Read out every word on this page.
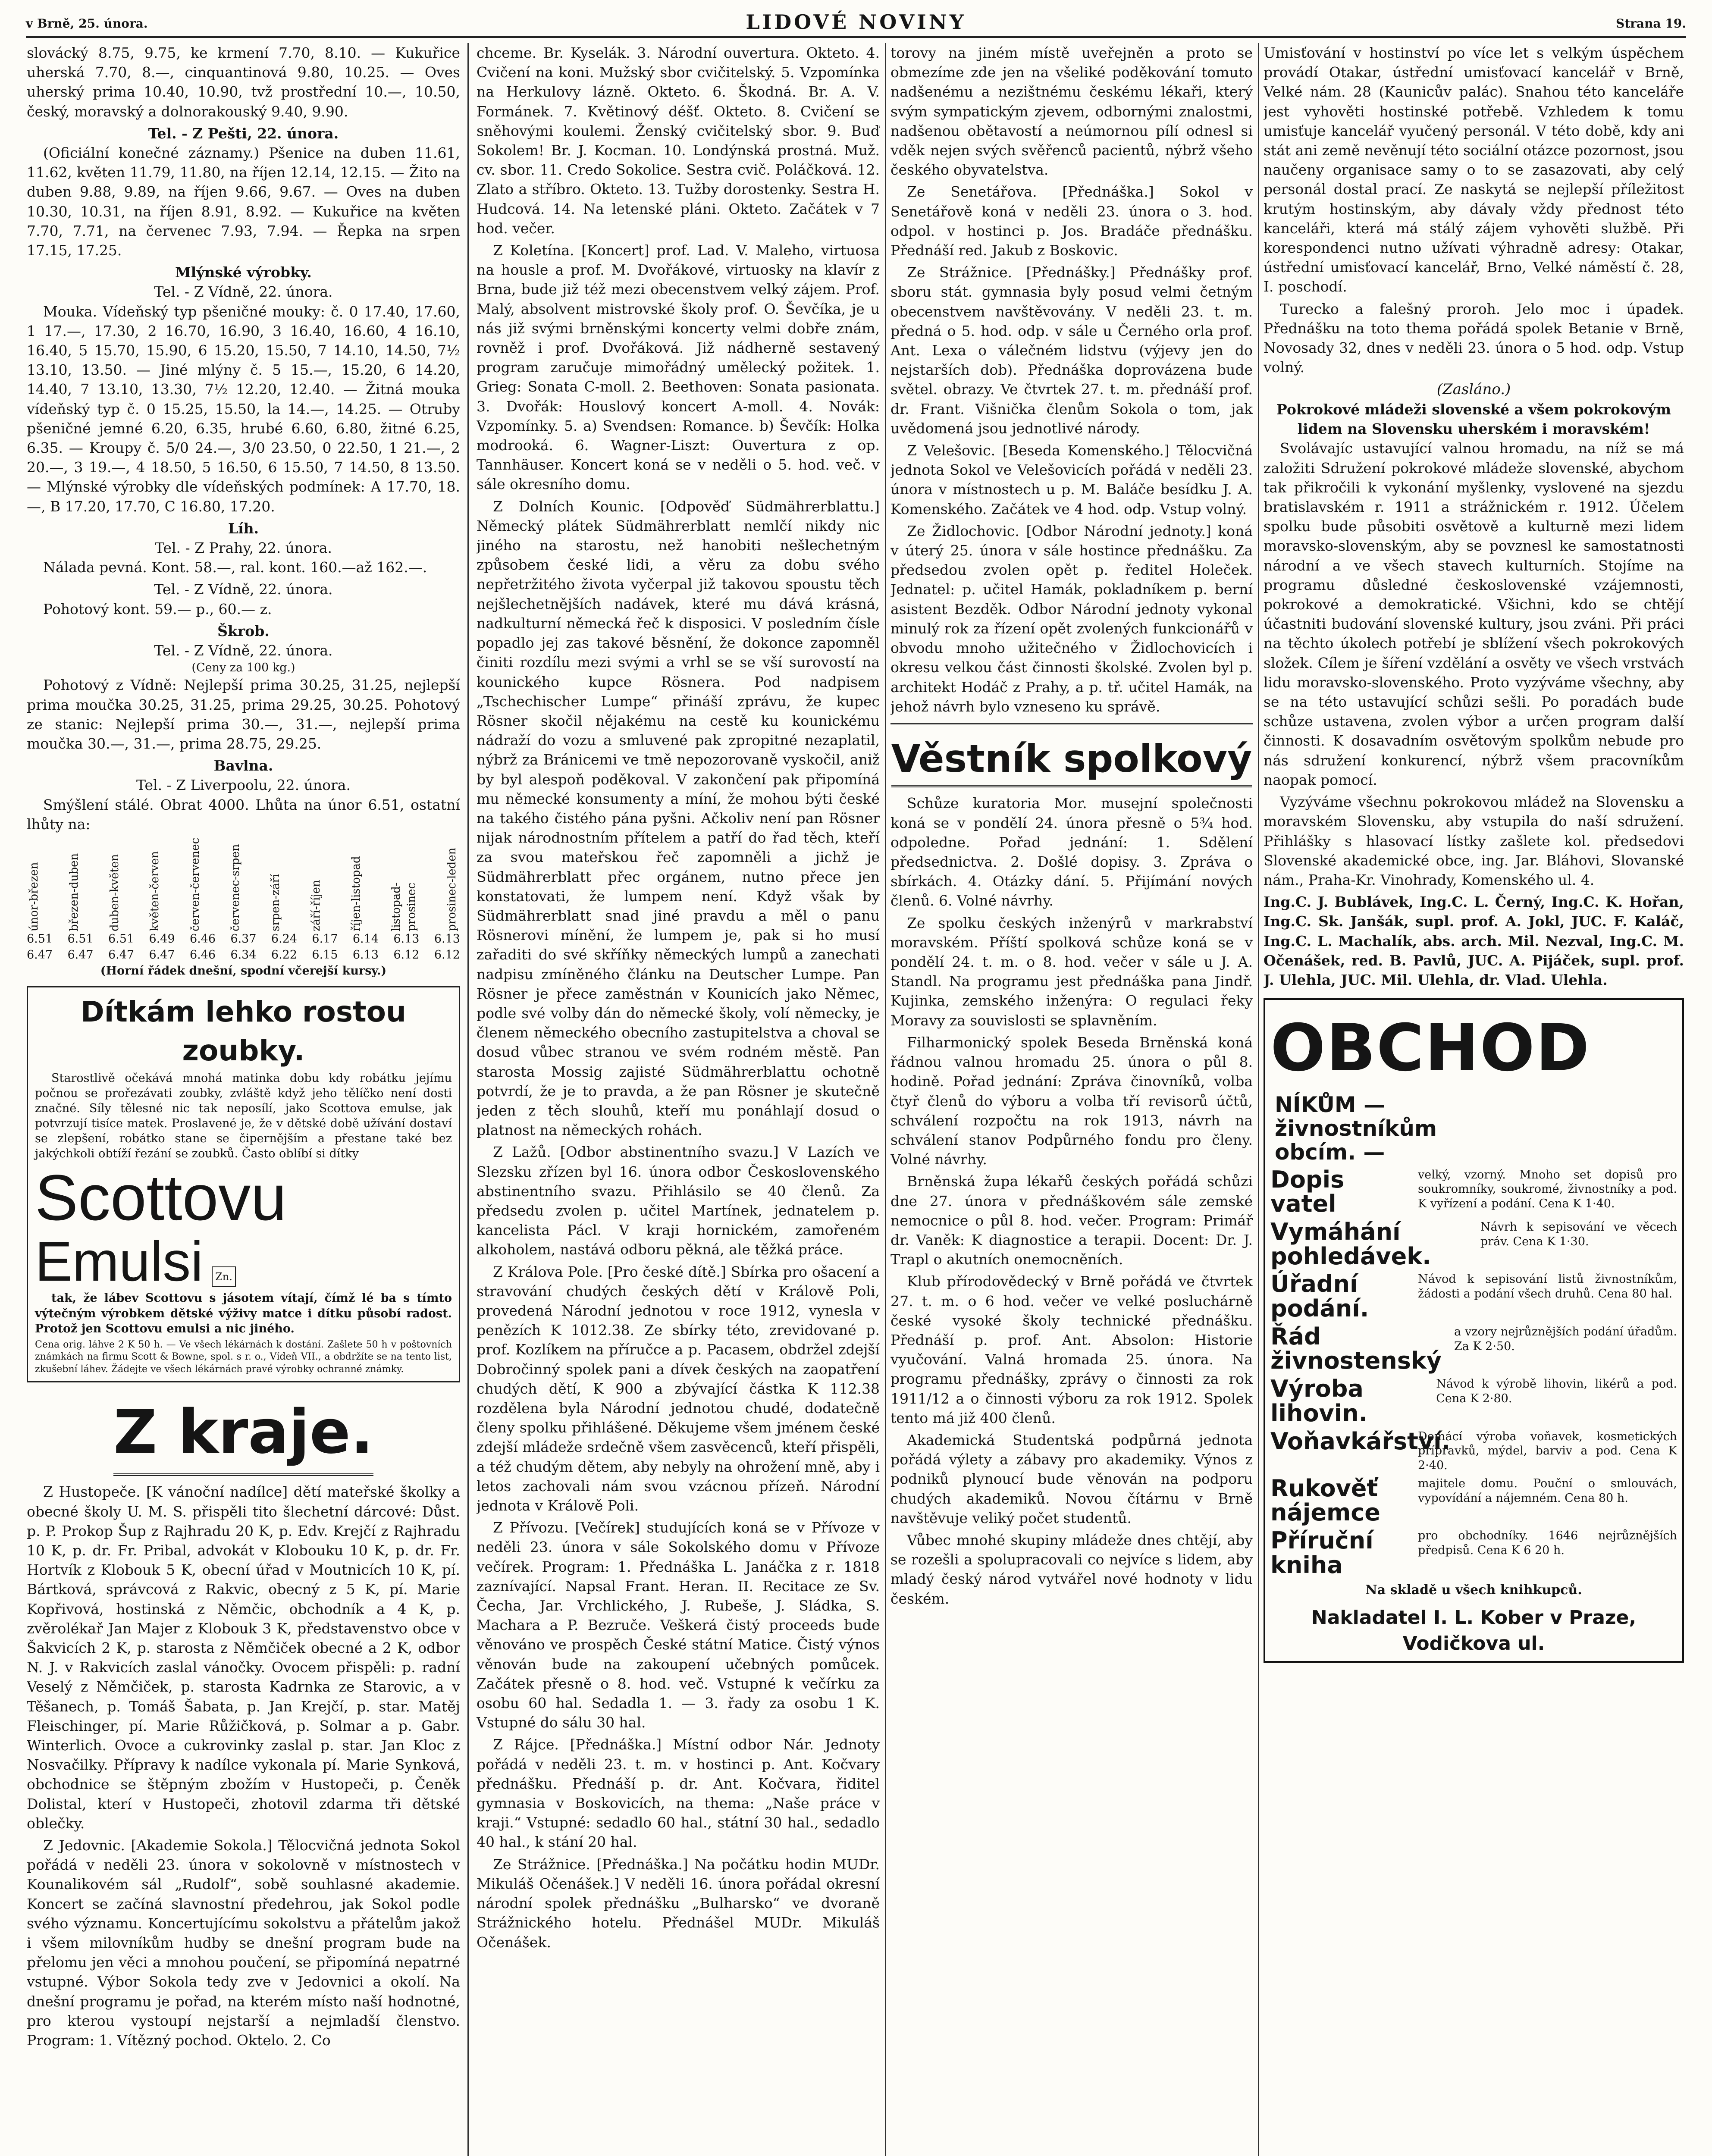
v Brně, 25. února.	LIDOVÉ NOVINY	Strana 19.

slovácký 8.75, 9.75, ke krmení 7.70, 8.10. — Kukuřice uherská 7.70, 8.—, cinquantinová 9.80, 10.25. — Oves uherský prima 10.40, 10.90, tvž prostřední 10.—, 10.50, český, moravský a dolnorakouský 9.40, 9.90.

Tel. - Z Pešti, 22. února.

(Oficiální konečné záznamy.) Pšenice na duben 11.61, 11.62, květen 11.79, 11.80, na říjen 12.14, 12.15. — Žito na duben 9.88, 9.89, na říjen 9.66, 9.67. — Oves na duben 10.30, 10.31, na říjen 8.91, 8.92. — Kukuřice na květen 7.70, 7.71, na červenec 7.93, 7.94. — Řepka na srpen 17.15, 17.25.

Mlýnské výrobky.
Tel. - Z Vídně, 22. února.

Mouka. Vídeňský typ pšeničné mouky: č. 0 17.40, 17.60, 1 17.—, 17.30, 2 16.70, 16.90, 3 16.40, 16.60, 4 16.10, 16.40, 5 15.70, 15.90, 6 15.20, 15.50, 7 14.10, 14.50, 7½ 13.10, 13.50. — Jiné mlýny č. 5 15.—, 15.20, 6 14.20, 14.40, 7 13.10, 13.30, 7½ 12.20, 12.40. — Žitná mouka vídeňský typ č. 0 15.25, 15.50, la 14.—, 14.25. — Otruby pšeničné jemné 6.20, 6.35, hrubé 6.60, 6.80, žitné 6.25, 6.35. — Kroupy č. 5/0 24.—, 3/0 23.50, 0 22.50, 1 21.—, 2 20.—, 3 19.—, 4 18.50, 5 16.50, 6 15.50, 7 14.50, 8 13.50. — Mlýnské výrobky dle vídeňských podmínek: A 17.70, 18.—, B 17.20, 17.70, C 16.80, 17.20.

Líh.
Tel. - Z Prahy, 22. února.

Nálada pevná. Kont. 58.—, ral. kont. 160.—až 162.—.

Tel. - Z Vídně, 22. února.

Pohotový kont. 59.— p., 60.— z.

Škrob.
Tel. - Z Vídně, 22. února.
(Ceny za 100 kg.)

Pohotový z Vídně: Nejlepší prima 30.25, 31.25, nejlepší prima moučka 30.25, 31.25, prima 29.25, 30.25. Pohotový ze stanic: Nejlepší prima 30.—, 31.—, nejlepší prima moučka 30.—, 31.—, prima 28.75, 29.25.

Bavlna.
Tel. - Z Liverpoolu, 22. února.

Smýšlení stálé. Obrat 4000. Lhůta na únor 6.51, ostatní lhůty na:

únor-březen březen-duben duben-květen květen-červen červen-červenec červenec-srpen srpen-září září-říjen říjen-listopad listopad-prosinec prosinec-leden
6.51 6.51 6.51 6.49 6.46 6.37 6.24 6.17 6.14 6.13 6.13
6.47 6.47 6.47 6.47 6.46 6.34 6.22 6.15 6.13 6.12 6.12
(Horní řádek dnešní, spodní včerejší kursy.)
Dítkám lehko rostou zoubky.

Starostlivě očekává mnohá matinka dobu kdy robátku jejímu počnou se prořezávati zoubky, zvláště když jeho tělíčko není dosti značné. Síly tělesné nic tak neposílí, jako Scottova emulse, jak potvrzují tisíce matek. Proslavené je, že v dětské době užívání dostaví se zlepšení, robátko stane se čipernějším a přestane také bez jakýchkoli obtíží řezání se zoubků. Často oblíbí si dítky

Scottovu
Emulsi Zn.

tak, že lábev Scottovu s jásotem vítají, čímž lé ba s tímto výtečným výrobkem dětské výživy matce i dítku působí radost. Protož jen Scottovu emulsi a nic jiného.

Cena orig. láhve 2 K 50 h. — Ve všech lékárnách k dostání. Zašlete 50 h v poštovních známkách na firmu Scott & Bowne, spol. s r. o., Vídeň VII., a obdržíte se na tento list, zkušební láhev. Žádejte ve všech lékárnách pravé výrobky ochranné známky.
Z kraje.

Z Hustopeče. [K vánoční nadílce] dětí mateřské školky a obecné školy U. M. S. přispěli tito šlechetní dárcové: Důst. p. P. Prokop Šup z Rajhradu 20 K, p. Edv. Krejčí z Rajhradu 10 K, p. dr. Fr. Pribal, advokát v Klobouku 10 K, p. dr. Fr. Hortvík z Klobouk 5 K, obecní úřad v Moutnicích 10 K, pí. Bártková, správcová z Rakvic, obecný z 5 K, pí. Marie Kopřivová, hostinská z Němčic, obchodník a 4 K, p. zvěrolékař Jan Majer z Klobouk 3 K, představenstvo obce v Šakvicích 2 K, p. starosta z Němčiček obecné a 2 K, odbor N. J. v Rakvicích zaslal vánočky. Ovocem přispěli: p. radní Veselý z Němčiček, p. starosta Kadrnka ze Starovic, a v Těšanech, p. Tomáš Šabata, p. Jan Krejčí, p. star. Matěj Fleischinger, pí. Marie Růžičková, p. Solmar a p. Gabr. Winterlich. Ovoce a cukrovinky zaslal p. star. Jan Kloc z Nosvačilky. Přípravy k nadílce vykonala pí. Marie Synková, obchodnice se štěpným zbožím v Hustopeči, p. Čeněk Dolistal, kterí v Hustopeči, zhotovil zdarma tři dětské oblečky.

Z Jedovnic. [Akademie Sokola.] Tělocvičná jednota Sokol pořádá v neděli 23. února v sokolovně v místnostech v Kounalikovém sál „Rudolf“, sobě souhlasné akademie. Koncert se začíná slavnostní předehrou, jak Sokol podle svého významu. Koncertujícímu sokolstvu a přátelům jakož i všem milovníkům hudby se dnešní program bude na přelomu jen věci a mnohou poučení, se připomíná nepatrné vstupné. Výbor Sokola tedy zve v Jedovnici a okolí. Na dnešní programu je pořad, na kterém místo naší hodnotné, pro kterou vystoupí nejstarší a nejmladší členstvo. Program: 1. Vítězný pochod. Oktelo. 2. Co

chceme. Br. Kyselák. 3. Národní ouvertura. Okteto. 4. Cvičení na koni. Mužský sbor cvičitelský. 5. Vzpomínka na Herkulovy lázně. Okteto. 6. Škodná. Br. A. V. Formánek. 7. Květinový déšť. Okteto. 8. Cvičení se sněhovými koulemi. Ženský cvičitelský sbor. 9. Buď Sokolem! Br. J. Kocman. 10. Londýnská prostná. Muž. cv. sbor. 11. Credo Sokolice. Sestra cvič. Poláčková. 12. Zlato a stříbro. Okteto. 13. Tužby dorostenky. Sestra H. Hudcová. 14. Na letenské pláni. Okteto. Začátek v 7 hod. večer.

Z Koletína. [Koncert] prof. Lad. V. Maleho, virtuosa na housle a prof. M. Dvořákové, virtuosky na klavír z Brna, bude již též mezi obecenstvem velký zájem. Prof. Malý, absolvent mistrovské školy prof. O. Ševčíka, je u nás již svými brněnskými koncerty velmi dobře znám, rovněž i prof. Dvořáková. Již nádherně sestavený program zaručuje mimořádný umělecký požitek. 1. Grieg: Sonata C-moll. 2. Beethoven: Sonata pasionata. 3. Dvořák: Houslový koncert A-moll. 4. Novák: Vzpomínky. 5. a) Svendsen: Romance. b) Ševčík: Holka modrooká. 6. Wagner-Liszt: Ouvertura z op. Tannhäuser. Koncert koná se v neděli o 5. hod. več. v sále okresního domu.

Z Dolních Kounic. [Odpověď Südmährerblattu.] Německý plátek Südmährerblatt nemlčí nikdy nic jiného na starostu, než hanobiti nešlechetným způsobem české lidi, a věru za dobu svého nepřetržitého života vyčerpal již takovou spoustu těch nejšlechetnějších nadávek, které mu dává krásná, nadkulturní německá řeč k disposici. V posledním čísle popadlo jej zas takové běsnění, že dokonce zapomněl činiti rozdílu mezi svými a vrhl se se vší surovostí na kounického kupce Rösnera. Pod nadpisem „Tschechischer Lumpe“ přináší zprávu, že kupec Rösner skočil nějakému na cestě ku kounickému nádraží do vozu a smluvené pak zpropitné nezaplatil, nýbrž za Bránicemi ve tmě nepozorovaně vyskočil, aniž by byl alespoň poděkoval. V zakončení pak připomíná mu německé konsumenty a míní, že mohou býti české na takého čistého pána pyšni. Ačkoliv není pan Rösner nijak národnostním přítelem a patří do řad těch, kteří za svou mateřskou řeč zapomněli a jichž je Südmährerblatt přec orgánem, nutno přece jen konstatovati, že lumpem není. Když však by Südmährerblatt snad jiné pravdu a měl o panu Rösnerovi mínění, že lumpem je, pak si ho musí zařaditi do své skříňky německých lumpů a zanechati nadpisu zmíněného článku na Deutscher Lumpe. Pan Rösner je přece zaměstnán v Kounicích jako Němec, podle své volby dán do německé školy, volí německy, je členem německého obecního zastupitelstva a choval se dosud vůbec stranou ve svém rodném městě. Pan starosta Mossig zajisté Südmährerblattu ochotně potvrdí, že je to pravda, a že pan Rösner je skutečně jeden z těch slouhů, kteří mu ponáhlají dosud o platnost na německých rohách.

Z Lažů. [Odbor abstinentního svazu.] V Lazích ve Slezsku zřízen byl 16. února odbor Československého abstinentního svazu. Přihlásilo se 40 členů. Za předsedu zvolen p. učitel Martínek, jednatelem p. kancelista Pácl. V kraji hornickém, zamořeném alkoholem, nastává odboru pěkná, ale těžká práce.

Z Králova Pole. [Pro české dítě.] Sbírka pro ošacení a stravování chudých českých dětí v Králově Poli, provedená Národní jednotou v roce 1912, vynesla v penězích K 1012.38. Ze sbírky této, zrevidované p. prof. Kozlíkem na příručce a p. Pacasem, obdržel zdejší Dobročinný spolek pani a dívek českých na zaopatření chudých dětí, K 900 a zbývající částka K 112.38 rozdělena byla Národní jednotou chudé, dodatečně členy spolku přihlášené. Děkujeme všem jménem české zdejší mládeže srdečně všem zasvěcenců, kteří přispěli, a též chudým dětem, aby nebyly na ohrožení mně, aby i letos zachovali nám svou vzácnou přízeň. Národní jednota v Králově Poli.

Z Přívozu. [Večírek] studujících koná se v Přívoze v neděli 23. února v sále Sokolského domu v Přívoze večírek. Program: 1. Přednáška L. Janáčka z r. 1818 zaznívající. Napsal Frant. Heran. II. Recitace ze Sv. Čecha, Jar. Vrchlického, J. Rubeše, J. Sládka, S. Machara a P. Bezruče. Veškerá čistý proceeds bude věnováno ve prospěch České státní Matice. Čistý výnos věnován bude na zakoupení učebných pomůcek. Začátek přesně o 8. hod. več. Vstupné k večírku za osobu 60 hal. Sedadla 1. — 3. řady za osobu 1 K. Vstupné do sálu 30 hal.

Z Rájce. [Přednáška.] Místní odbor Nár. Jednoty pořádá v neděli 23. t. m. v hostinci p. Ant. Kočvary přednášku. Přednáší p. dr. Ant. Kočvara, řiditel gymnasia v Boskovicích, na thema: „Naše práce v kraji.“ Vstupné: sedadlo 60 hal., státní 30 hal., sedadlo 40 hal., k stání 20 hal.

Ze Strážnice. [Přednáška.] Na počátku hodin MUDr. Mikuláš Očenášek.] V neděli 16. února pořádal okresní národní spolek přednášku „Bulharsko“ ve dvoraně Strážnického hotelu. Přednášel MUDr. Mikuláš Očenášek.

torovy na jiném místě uveřejněn a proto se obmezíme zde jen na všeliké poděkování tomuto nadšenému a nezištnému českému lékaři, který svým sympatickým zjevem, odbornými znalostmi, nadšenou obětavostí a neúmornou pílí odnesl si vděk nejen svých svěřenců pacientů, nýbrž všeho českého obyvatelstva.

Ze Senetářova. [Přednáška.] Sokol v Senetářově koná v neděli 23. února o 3. hod. odpol. v hostinci p. Jos. Bradáče přednášku. Přednáší red. Jakub z Boskovic.

Ze Strážnice. [Přednášky.] Přednášky prof. sboru stát. gymnasia byly posud velmi četným obecenstvem navštěvovány. V neděli 23. t. m. předná o 5. hod. odp. v sále u Černého orla prof. Ant. Lexa o válečném lidstvu (výjevy jen do nejstarších dob). Přednáška doprovázena bude světel. obrazy. Ve čtvrtek 27. t. m. přednáší prof. dr. Frant. Višnička členům Sokola o tom, jak uvědomená jsou jednotlivé národy.

Z Velešovic. [Beseda Komenského.] Tělocvičná jednota Sokol ve Velešovicích pořádá v neděli 23. února v místnostech u p. M. Baláče besídku J. A. Komenského. Začátek ve 4 hod. odp. Vstup volný.

Ze Židlochovic. [Odbor Národní jednoty.] koná v úterý 25. února v sále hostince přednášku. Za předsedou zvolen opět p. ředitel Holeček. Jednatel: p. učitel Hamák, pokladníkem p. berní asistent Bezděk. Odbor Národní jednoty vykonal minulý rok za řízení opět zvolených funkcionářů v obvodu mnoho užitečného v Židlochovicích i okresu velkou část činnosti školské. Zvolen byl p. architekt Hodáč z Prahy, a p. tř. učitel Hamák, na jehož návrh bylo vzneseno ku správě.

Věstník spolkový

Schůze kuratoria Mor. musejní společnosti koná se v pondělí 24. února přesně o 5¾ hod. odpoledne. Pořad jednání: 1. Sdělení předsednictva. 2. Došlé dopisy. 3. Zpráva o sbírkách. 4. Otázky dání. 5. Přijímání nových členů. 6. Volné návrhy.

Ze spolku českých inženýrů v markrabství moravském. Příští spolková schůze koná se v pondělí 24. t. m. o 8. hod. večer v sále u J. A. Standl. Na programu jest přednáška pana Jindř. Kujinka, zemského inženýra: O regulaci řeky Moravy za souvislosti se splavněním.

Filharmonický spolek Beseda Brněnská koná řádnou valnou hromadu 25. února o půl 8. hodině. Pořad jednání: Zpráva činovníků, volba čtyř členů do výboru a volba tří revisorů účtů, schválení rozpočtu na rok 1913, návrh na schválení stanov Podpůrného fondu pro členy. Volné návrhy.

Brněnská župa lékařů českých pořádá schůzi dne 27. února v přednáškovém sále zemské nemocnice o půl 8. hod. večer. Program: Primář dr. Vaněk: K diagnostice a terapii. Docent: Dr. J. Trapl o akutních onemocněních.

Klub přírodovědecký v Brně pořádá ve čtvrtek 27. t. m. o 6 hod. večer ve velké posluchárně české vysoké školy technické přednášku. Přednáší p. prof. Ant. Absolon: Historie vyučování. Valná hromada 25. února. Na programu přednášky, zprávy o činnosti za rok 1911/12 a o činnosti výboru za rok 1912. Spolek tento má již 400 členů.

Akademická Studentská podpůrná jednota pořádá výlety a zábavy pro akademiky. Výnos z podniků plynoucí bude věnován na podporu chudých akademiků. Novou čítárnu v Brně navštěvuje veliký počet studentů.

Vůbec mnohé skupiny mládeže dnes chtějí, aby se rozešli a spolupracovali co nejvíce s lidem, aby mladý český národ vytvářel nové hodnoty v lidu českém.

Umisťování v hostinství po více let s velkým úspěchem provádí Otakar, ústřední umisťovací kancelář v Brně, Velké nám. 28 (Kaunicův palác). Snahou této kanceláře jest vyhověti hostinské potřebě. Vzhledem k tomu umisťuje kancelář vyučený personál. V této době, kdy ani stát ani země nevěnují této sociální otázce pozornost, jsou naučeny organisace samy o to se zasazovati, aby celý personál dostal prací. Ze naskytá se nejlepší příležitost krutým hostinským, aby dávaly vždy přednost této kanceláři, která má stálý zájem vyhověti službě. Při korespondenci nutno užívati výhradně adresy: Otakar, ústřední umisťovací kancelář, Brno, Velké náměstí č. 28, I. poschodí.

Turecko a falešný proroh. Jelo moc i úpadek. Přednášku na toto thema pořádá spolek Betanie v Brně, Novosady 32, dnes v neděli 23. února o 5 hod. odp. Vstup volný.

(Zasláno.)
Pokrokové mládeži slovenské a všem pokrokovým lidem na Slovensku uherském i moravském!

Svolávajíc ustavující valnou hromadu, na níž se má založiti Sdružení pokrokové mládeže slovenské, abychom tak přikročili k vykonání myšlenky, vyslovené na sjezdu bratislavském r. 1911 a strážnickém r. 1912. Účelem spolku bude působiti osvětově a kulturně mezi lidem moravsko-slovenským, aby se povznesl ke samostatnosti národní a ve všech stavech kulturních. Stojíme na programu důsledné československé vzájemnosti, pokrokové a demokratické. Všichni, kdo se chtějí účastniti budování slovenské kultury, jsou zváni. Při práci na těchto úkolech potřebí je sblížení všech pokrokových složek. Cílem je šíření vzdělání a osvěty ve všech vrstvách lidu moravsko-slovenského. Proto vyzýváme všechny, aby se na této ustavující schůzi sešli. Po poradách bude schůze ustavena, zvolen výbor a určen program další činnosti. K dosavadním osvětovým spolkům nebude pro nás sdružení konkurencí, nýbrž všem pracovníkům naopak pomocí.

Vyzýváme všechnu pokrokovou mládež na Slovensku a moravském Slovensku, aby vstupila do naší sdružení. Přihlášky s hlasovací lístky zašlete kol. předsedovi Slovenské akademické obce, ing. Jar. Bláhovi, Slovanské nám., Praha-Kr. Vinohrady, Komenského ul. 4.

Ing.C. J. Bublávek, Ing.C. L. Černý, Ing.C. K. Hořan, Ing.C. Sk. Janšák, supl. prof. A. Jokl, JUC. F. Kaláč, Ing.C. L. Machalík, abs. arch. Mil. Nezval, Ing.C. M. Očenášek, red. B. Pavlů, JUC. A. Pijáček, supl. prof. J. Ulehla, JUC. Mil. Ulehla, dr. Vlad. Ulehla.

OBCHOD NÍKŮM —
živnostníkům
obcím. —
Dopis vatel
velký, vzorný. Mnoho set dopisů pro soukromníky, soukromé, živnostníky a pod. K vyřízení a podání. Cena K 1·40.
Vymáhání pohledávek.
Návrh k sepisování ve věcech práv. Cena K 1·30.
Úřadní podání.
Návod k sepisování listů živnostníkům, žádosti a podání všech druhů. Cena 80 hal.
Řád živnostenský
a vzory nejrůznějších podání úřadům. Za K 2·50.
Výroba lihovin.
Návod k výrobě lihovin, likérů a pod. Cena K 2·80.
Voňavkářství.
Domácí výroba voňavek, kosmetických přípravků, mýdel, barviv a pod. Cena K 2·40.
Rukověť nájemce
majitele domu. Pouční o smlouvách, vypovídání a nájemném. Cena 80 h.
Příruční kniha
pro obchodníky. 1646 nejrůznějších předpisů. Cena K 6 20 h.
Na skladě u všech knihkupců.
Nakladatel I. L. Kober v Praze, Vodičkova ul.
